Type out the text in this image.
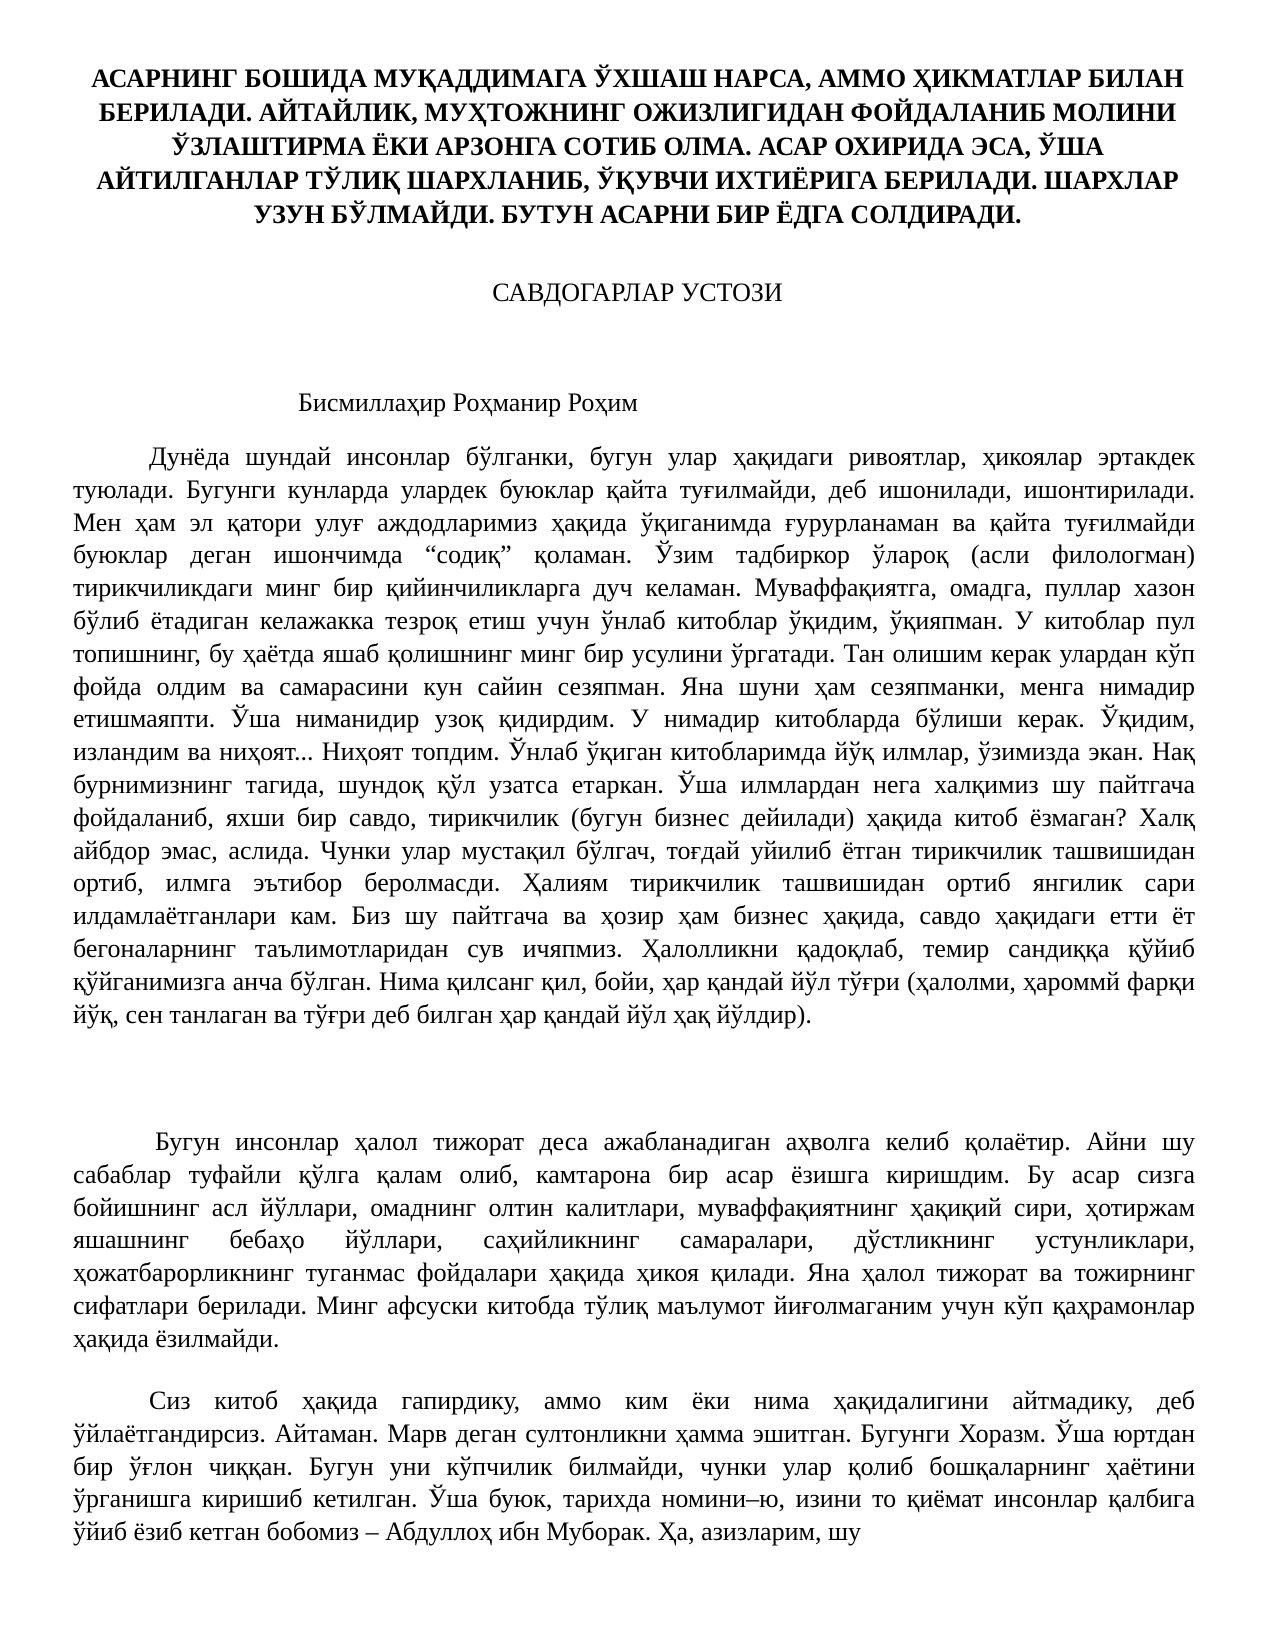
АСАРНИНГ БОШИДА МУҚАДДИМАГА ЎХШАШ НАРСА, АММО ҲИКМАТЛАР БИЛАН БЕРИЛАДИ. АЙТАЙЛИК, МУҲТОЖНИНГ ОЖИЗЛИГИДАН ФОЙДАЛАНИБ МОЛИНИ ЎЗЛАШТИРМА ЁКИ АРЗОНГА СОТИБ ОЛМА. АСАР ОХИРИДА ЭСА, ЎША АЙТИЛГАНЛАР ТЎЛИҚ ШАРХЛАНИБ, ЎҚУВЧИ ИХТИЁРИГА БЕРИЛАДИ. ШАРХЛАР УЗУН БЎЛМАЙДИ. БУТУН АСАРНИ БИР ЁДГА СОЛДИРАДИ.

САВДОГАРЛАР УСТОЗИ

Бисмиллаҳир Роҳманир Роҳим

Дунёда шундай инсонлар бўлганки, бугун улар ҳақидаги ривоятлар, ҳикоялар эртакдек туюлади. Бугунги кунларда улардек буюклар қайта туғилмайди, деб ишонилади, ишонтирилади. Мен ҳам эл қатори улуғ аждодларимиз ҳақида ўқиганимда ғурурланаман ва қайта туғилмайди буюклар деган ишончимда “содиқ” қоламан. Ўзим тадбиркор ўларoқ (асли филологман) тирикчиликдаги минг бир қийинчиликларга дуч келаман. Муваффақиятга, омадга, пуллар хазон бўлиб ётадиган келажакка тезроқ етиш учун ўнлаб китоблар ўқидим, ўқияпман. У китоблар пул топишнинг, бу ҳаётда яшаб қолишнинг минг бир усулини ўргатади. Тан олишим керак улардан кўп фойда олдим ва самарасини кун сайин сезяпман. Яна шуни ҳам сезяпманки, менга нимадир етишмаяпти. Ўша ниманидир узоқ қидирдим. У нимадир китобларда бўлиши керак. Ўқидим, изландим ва ниҳоят... Ниҳоят топдим. Ўнлаб ўқиган китобларимда йўқ илмлар, ўзимизда экан. Нақ бурнимизнинг тагида, шундоқ қўл узатса етаркан. Ўша илмлардан нега халқимиз шу пайтгача фойдаланиб, яхши бир савдо, тирикчилик (бугун бизнес дейилади) ҳақида китоб ёзмаган? Халқ айбдор эмас, аслида. Чунки улар мустақил бўлгач, тоғдай уйилиб ётган тирикчилик ташвишидан ортиб, илмга эътибор беролмасди. Ҳалиям тирикчилик ташвишидан ортиб янгилик сари илдамлаётганлари кам. Биз шу пайтгача ва ҳозир ҳам бизнес ҳақида, савдо ҳақидаги етти ёт бегоналарнинг таълимотларидан сув ичяпмиз. Ҳалолликни қадоқлаб, темир сандиққа қўйиб қўйганимизга анча бўлган. Нима қилсанг қил, бойи, ҳар қандай йўл тўғри (ҳалолми, ҳароммй фарқи йўқ, сен танлаган ва тўғри деб билган ҳар қандай йўл ҳақ йўлдир).

Бугун инсонлар ҳалол тижорат деса ажабланадиган аҳволга келиб қолаётир. Айни шу сабаблар туфайли қўлга қалам олиб, камтарона бир асар ёзишга киришдим. Бу асар сизга бойишнинг асл йўллари, омаднинг олтин калитлари, муваффақиятнинг ҳақиқий сири, ҳотиржам яшашнинг бебаҳо йўллари, саҳийликнинг самаралари, дўстликнинг устунликлари, ҳожатбарорликнинг туганмас фойдалари ҳақида ҳикоя қилади. Яна ҳалол тижорат ва тожирнинг сифатлари берилади. Минг афсуски китобда тўлиқ маълумот йиғолмаганим учун кўп қаҳрамонлар ҳақида ёзилмайди.

Сиз китоб ҳақида гапирдику, аммо ким ёки нима ҳақидалигини айтмадику, деб ўйлаётгандирсиз. Айтаман. Марв деган султонликни ҳамма эшитган. Бугунги Хоразм. Ўша юртдан бир ўғлон чиққан. Бугун уни кўпчилик билмайди, чунки улар қолиб бошқаларнинг ҳаётини ўрганишга киришиб кетилган. Ўша буюк, тарихда номини–ю, изини то қиёмат инсонлар қалбига ўйиб ёзиб кетган бобомиз – Абдуллоҳ ибн Муборак. Ҳа, азизларим, шу
